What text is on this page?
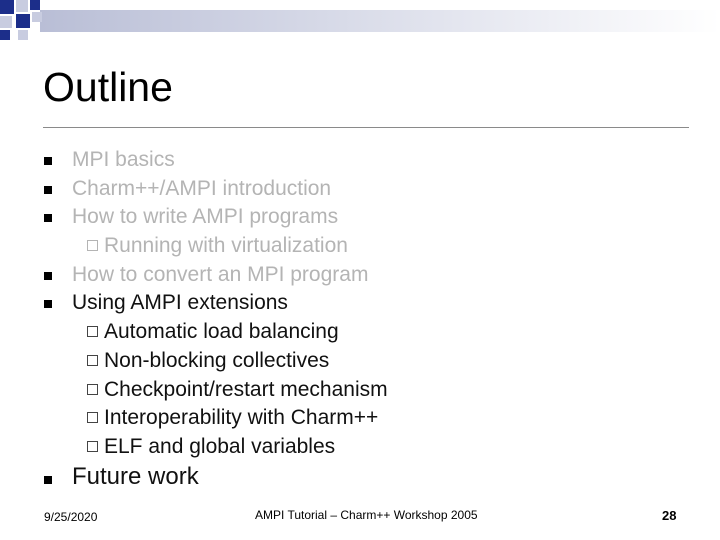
Outline
MPI basics
Charm++/AMPI introduction
How to write AMPI programs
Running with virtualization
How to convert an MPI program
Using AMPI extensions
Automatic load balancing
Non-blocking collectives
Checkpoint/restart mechanism
Interoperability with Charm++
ELF and global variables
Future work
9/25/2020	AMPI Tutorial – Charm++ Workshop 2005	28
